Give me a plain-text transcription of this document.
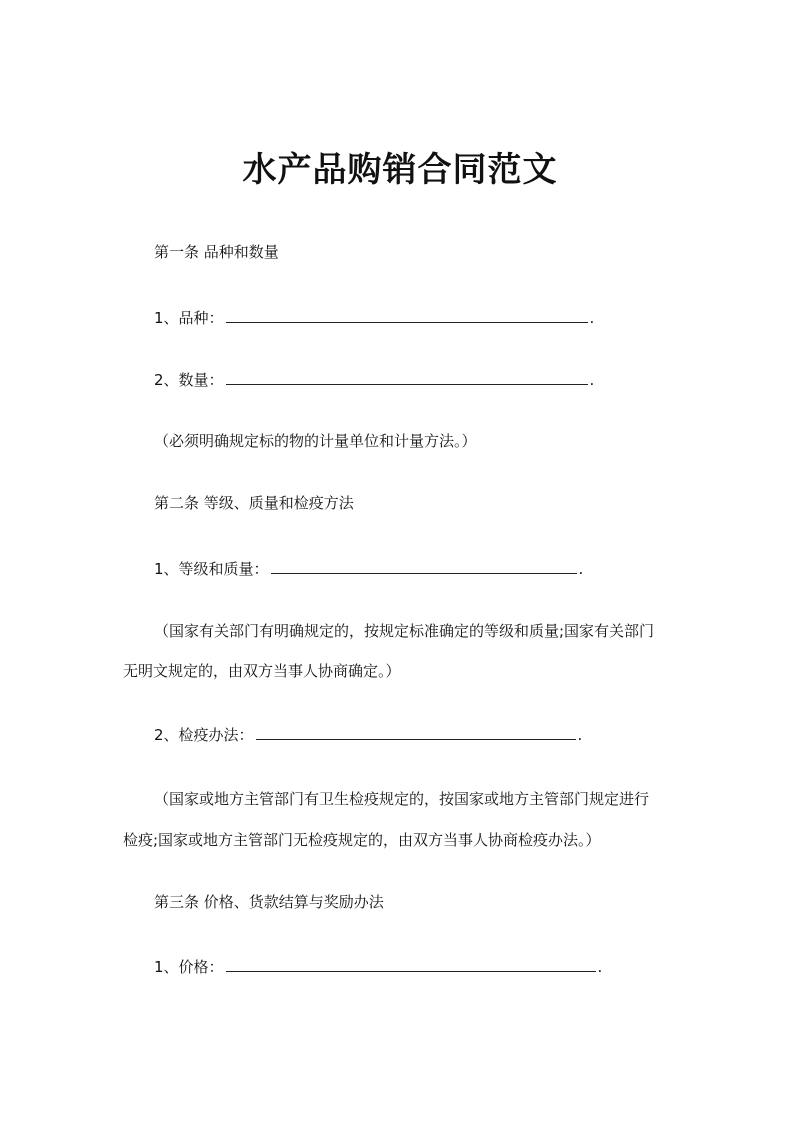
水产品购销合同范文
第一条 品种和数量
1、品种：	.
2、数量：	.
（必须明确规定标的物的计量单位和计量方法。）
第二条 等级、质量和检疫方法
1、等级和质量：	.
（国家有关部门有明确规定的，按规定标准确定的等级和质量;国家有关部门
无明文规定的，由双方当事人协商确定。）
2、检疫办法：	.
（国家或地方主管部门有卫生检疫规定的，按国家或地方主管部门规定进行
检疫;国家或地方主管部门无检疫规定的，由双方当事人协商检疫办法。）
第三条 价格、货款结算与奖励办法
1、价格：	.
